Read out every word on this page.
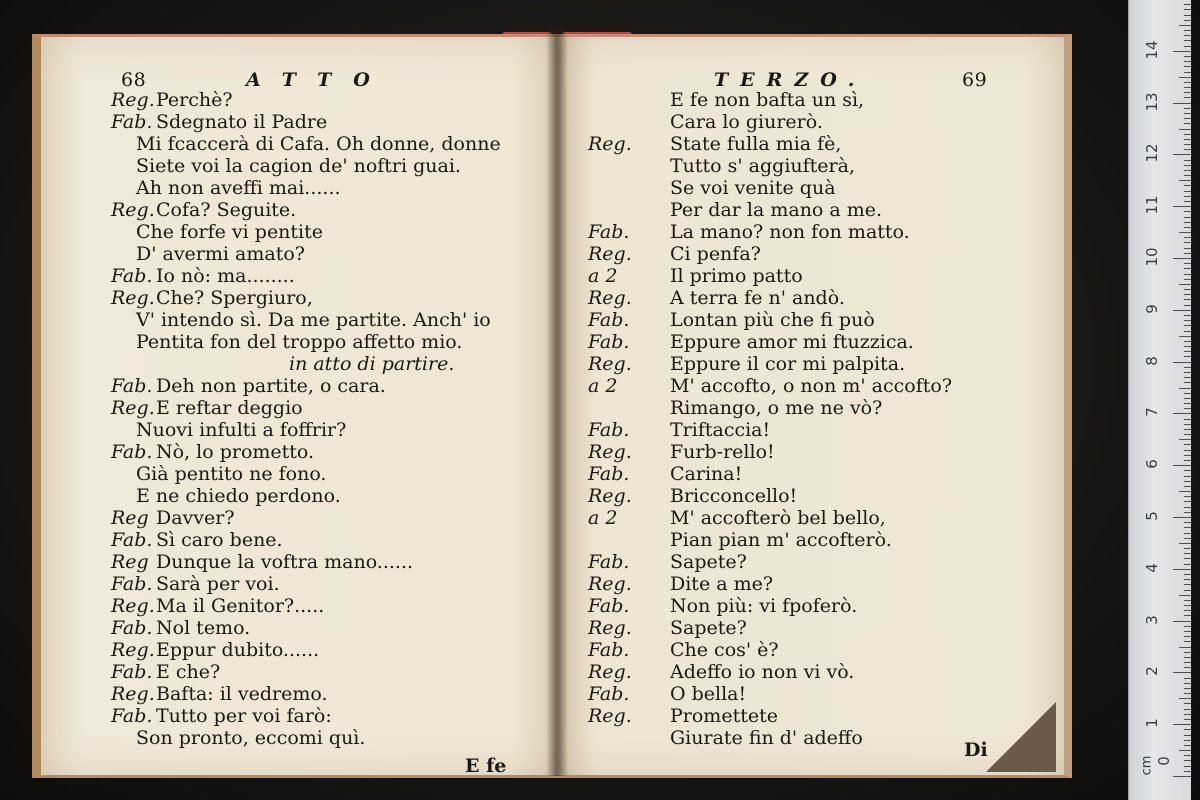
68	ATTO
Reg. Perchè?
Fab. Sdegnato il Padre
Mi fcaccerà di Cafa. Oh donne, donne
Siete voi la cagion de' noftri guai.
Ah non aveffi mai......
Reg. Cofa? Seguite.
Che forfe vi pentite
D' avermi amato?
Fab. Io nò: ma........
Reg. Che? Spergiuro,
V' intendo sì. Da me partite. Anch' io
Pentita fon del troppo affetto mio.
in atto di partire.
Fab. Deh non partite, o cara.
Reg. E reftar deggio
Nuovi infulti a foffrir?
Fab. Nò, lo prometto.
Già pentito ne fono.
E ne chiedo perdono.
Reg Davver?
Fab. Sì caro bene.
Reg Dunque la voftra mano......
Fab. Sarà per voi.
Reg. Ma il Genitor?.....
Fab. Nol temo.
Reg. Eppur dubito......
Fab. E che?
Reg. Bafta: il vedremo.
Fab. Tutto per voi farò:
Son pronto, eccomi quì.
E fe
TERZO.	69
E fe non bafta un sì,
Cara lo giurerò.
Reg. State fulla mia fè,
Tutto s' aggiufterà,
Se voi venite quà
Per dar la mano a me.
Fab. La mano? non fon matto.
Reg. Ci penfa?
a 2	Il primo patto
Reg. A terra fe n' andò.
Fab. Lontan più che fi può
Fab. Eppure amor mi ftuzzica.
Reg. Eppure il cor mi palpita.
a 2	M' accofto, o non m' accofto?
Rimango, o me ne vò?
Fab. Triftaccia!
Reg. Furb-rello!
Fab. Carina!
Reg. Bricconcello!
a 2	M' accofterò bel bello,
Pian pian m' accofterò.
Fab. Sapete?
Reg. Dite a me?
Fab. Non più: vi fpoferò.
Reg. Sapete?
Fab. Che cos' è?
Reg. Adeffo io non vi vò.
Fab. O bella!
Reg. Promettete
Giurate fin d' adeffo
Di
1
2
3
4
5
6
7
8
9
10
11
12
13
14
0
cm
